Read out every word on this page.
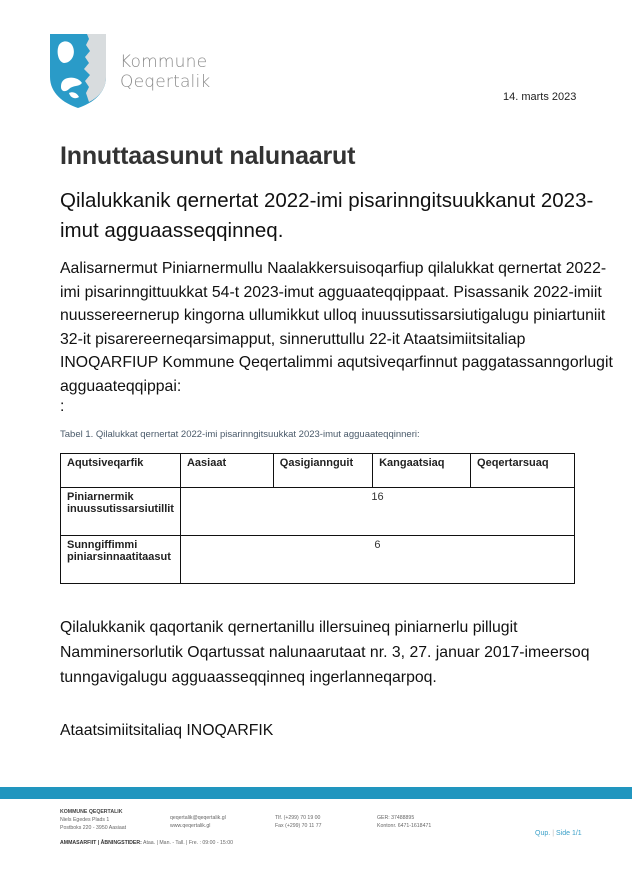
Kommune
Qeqertalik
14. marts 2023
Innuttaasunut nalunaarut
Qilalukkanik qernertat 2022-imi pisarinngitsuukkanut 2023-imut agguaasseqqinneq.

Aalisarnermut Piniarnermullu Naalakkersuisoqarfiup qilalukkat qernertat 2022-imi pisarinngittuukkat 54-t 2023-imut agguaateqqippaat. Pisassanik 2022-imiit nuussereernerup kingorna ullumikkut ulloq inuussutissarsiutigalugu piniartuniit 32-it pisarereerneqarsimapput, sinneruttullu 22-it Ataatsimiitsitaliap INOQARFIUP Kommune Qeqertalimmi aqutsiveqarfinnut paggatassanngorlugit agguaateqqippai:

:
Tabel 1. Qilalukkat qernertat 2022-imi pisarinngitsuukkat 2023-imut agguaateqqinneri:
Aqutsiveqarfik	Aasiaat	Qasigiannguit	Kangaatsiaq	Qeqertarsuaq
Piniarnermik inuussutissarsiutillit	16			
Sunngiffimmi piniarsinnaatitaasut	6			

Qilalukkanik qaqortanik qernertanillu illersuineq piniarnerlu pillugit Namminersorlutik Oqartussat nalunaarutaat nr. 3, 27. januar 2017-imeersoq tunngavigalugu agguaasseqqinneq ingerlanneqarpoq.

Ataatsimiitsitaliaq INOQARFIK
KOMMUNE QEQERTALIK
Niels Egedes Plads 1
Postboks 220 - 3950 Aasiaat
qeqertalik@qeqertalik.gl
www.qeqertalik.gl
Tlf. (+299) 70 19 00
Fax (+299) 70 11 77
GER: 37488895
Kontonr. 6471-1618471
AMMASARFIIT | ÅBNINGSTIDER: Ataa. | Man. - Tall. | Fre. : 09:00 - 15:00
Qup. | Side 1/1
